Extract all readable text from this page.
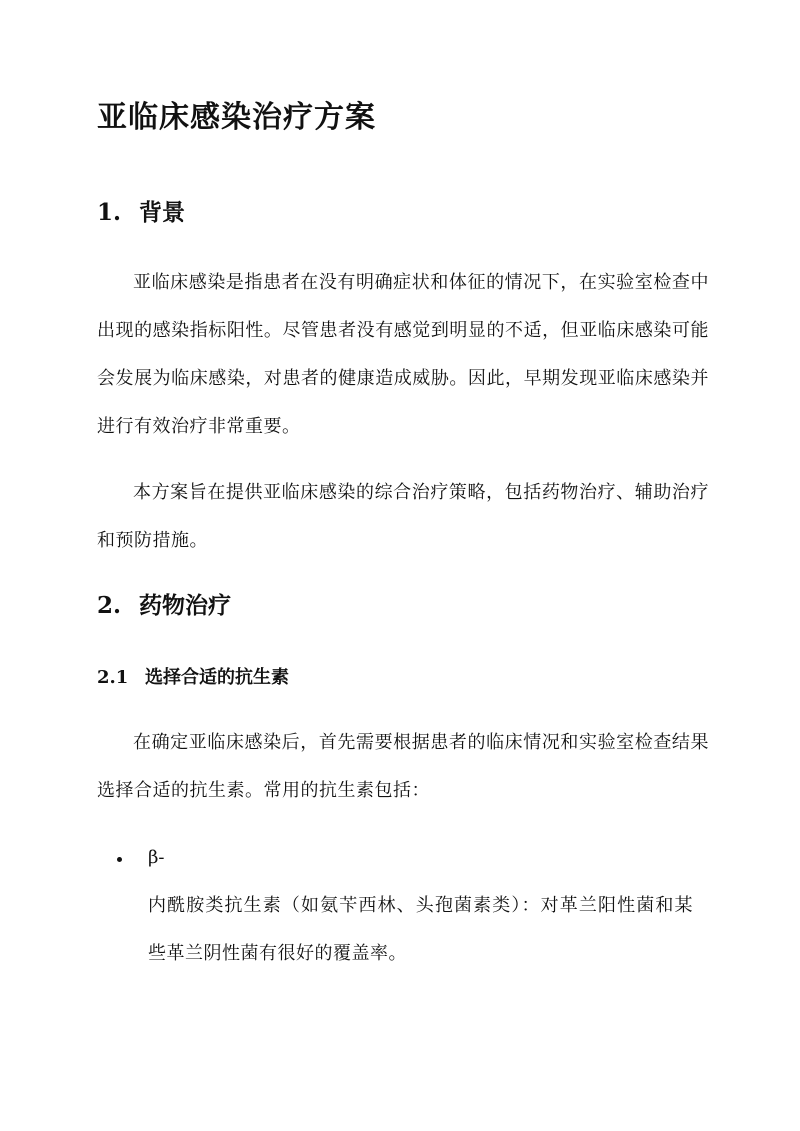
亚临床感染治疗方案
1. 背景

亚临床感染是指患者在没有明确症状和体征的情况下，在实验室检查中出现的感染指标阳性。尽管患者没有感觉到明显的不适，但亚临床感染可能会发展为临床感染，对患者的健康造成威胁。因此，早期发现亚临床感染并进行有效治疗非常重要。

本方案旨在提供亚临床感染的综合治疗策略，包括药物治疗、辅助治疗和预防措施。

2. 药物治疗
2.1 选择合适的抗生素

在确定亚临床感染后，首先需要根据患者的临床情况和实验室检查结果选择合适的抗生素。常用的抗生素包括：

β-

内酰胺类抗生素（如氨苄西林、头孢菌素类）：对革兰阳性菌和某些革兰阴性菌有很好的覆盖率。
